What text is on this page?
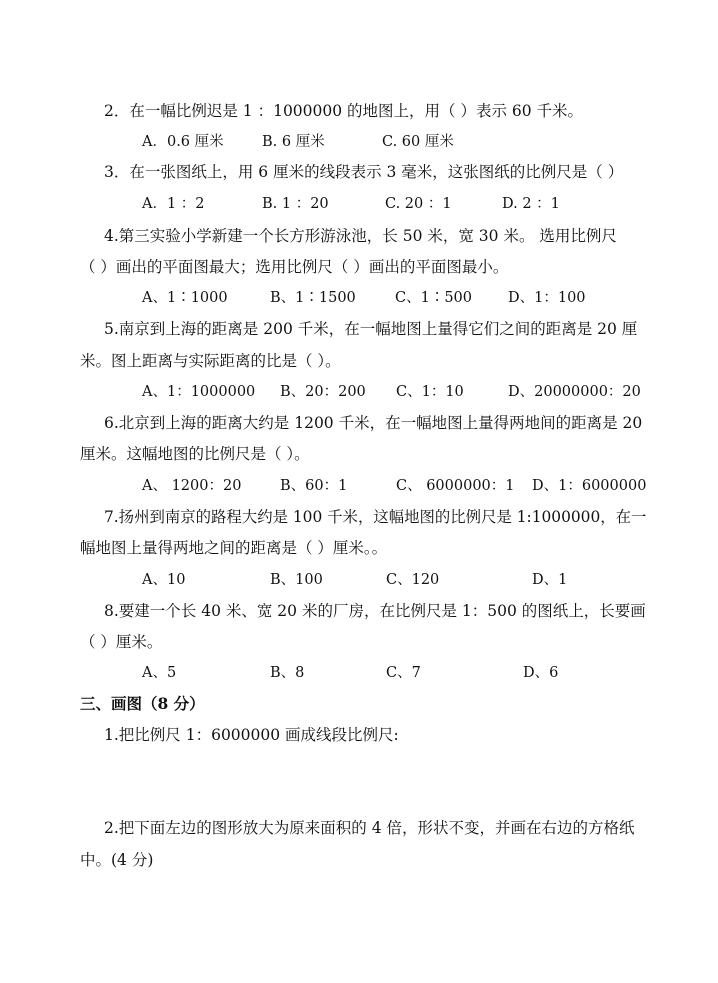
2．在一幅比例迟是 1 ：1000000 的地图上，用（ ）表示 60 千米。
A．0.6 厘米	B. 6 厘米	C. 60 厘米
3．在一张图纸上，用 6 厘米的线段表示 3 毫米，这张图纸的比例尺是（ ）
A．1 ：2	B. 1 ：20	C. 20 ：1	D. 2 ：1
4.第三实验小学新建一个长方形游泳池，长 50 米，宽 30 米。 选用比例尺
（ ）画出的平面图最大；选用比例尺（ ）画出的平面图最小。
A、1∶1000	B、1∶1500	C、1∶500 D、1：100
5.南京到上海的距离是 200 千米，在一幅地图上量得它们之间的距离是 20 厘
米。图上距离与实际距离的比是（ ）。
A、1：1000000 B、20：200 C、1：10	D、20000000：20
6.北京到上海的距离大约是 1200 千米，在一幅地图上量得两地间的距离是 20
厘米。这幅地图的比例尺是（ ）。
A、 1200：20	B、60：1	C、 6000000：1 D、1：6000000
7.扬州到南京的路程大约是 100 千米，这幅地图的比例尺是 1:1000000，在一
幅地图上量得两地之间的距离是（ ）厘米。。
A、10	B、100	C、120	D、1
8.要建一个长 40 米、宽 20 米的厂房，在比例尺是 1：500 的图纸上，长要画
（ ）厘米。
A、5	B、8	C、7	D、6
三、画图（8 分）
1.把比例尺 1：6000000 画成线段比例尺:
2.把下面左边的图形放大为原来面积的 4 倍，形状不变，并画在右边的方格纸
中。(4 分)
